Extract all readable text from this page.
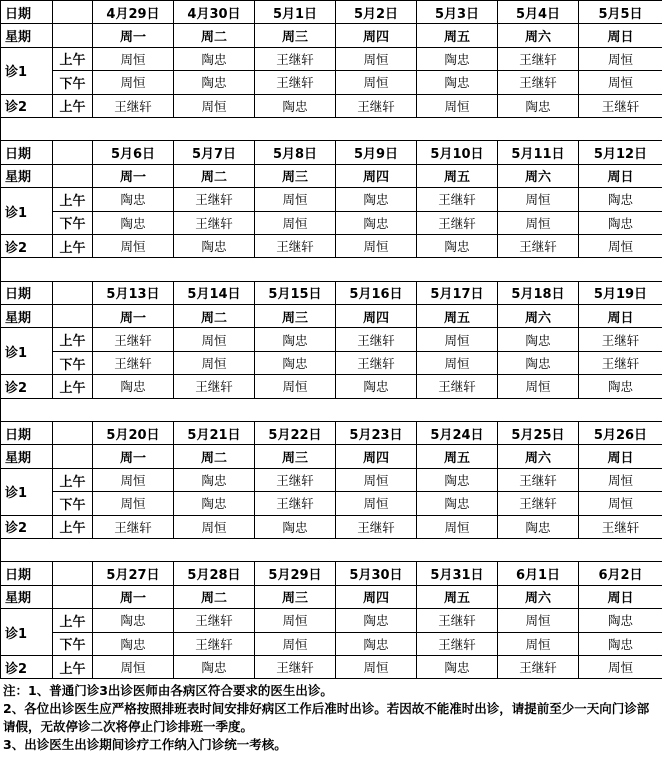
日期		4月29日	4月30日	5月1日	5月2日	5月3日	5月4日	5月5日
星期		周一	周二	周三	周四	周五	周六	周日
诊1	上午	周恒	陶忠	王继轩	周恒	陶忠	王继轩	周恒
	下午	周恒	陶忠	王继轩	周恒	陶忠	王继轩	周恒
诊2	上午	王继轩	周恒	陶忠	王继轩	周恒	陶忠	王继轩

日期		5月6日	5月7日	5月8日	5月9日	5月10日	5月11日	5月12日
星期		周一	周二	周三	周四	周五	周六	周日
诊1	上午	陶忠	王继轩	周恒	陶忠	王继轩	周恒	陶忠
	下午	陶忠	王继轩	周恒	陶忠	王继轩	周恒	陶忠
诊2	上午	周恒	陶忠	王继轩	周恒	陶忠	王继轩	周恒

日期		5月13日	5月14日	5月15日	5月16日	5月17日	5月18日	5月19日
星期		周一	周二	周三	周四	周五	周六	周日
诊1	上午	王继轩	周恒	陶忠	王继轩	周恒	陶忠	王继轩
	下午	王继轩	周恒	陶忠	王继轩	周恒	陶忠	王继轩
诊2	上午	陶忠	王继轩	周恒	陶忠	王继轩	周恒	陶忠

日期		5月20日	5月21日	5月22日	5月23日	5月24日	5月25日	5月26日
星期		周一	周二	周三	周四	周五	周六	周日
诊1	上午	周恒	陶忠	王继轩	周恒	陶忠	王继轩	周恒
	下午	周恒	陶忠	王继轩	周恒	陶忠	王继轩	周恒
诊2	上午	王继轩	周恒	陶忠	王继轩	周恒	陶忠	王继轩

日期		5月27日	5月28日	5月29日	5月30日	5月31日	6月1日	6月2日
星期		周一	周二	周三	周四	周五	周六	周日
诊1	上午	陶忠	王继轩	周恒	陶忠	王继轩	周恒	陶忠
	下午	陶忠	王继轩	周恒	陶忠	王继轩	周恒	陶忠
诊2	上午	周恒	陶忠	王继轩	周恒	陶忠	王继轩	周恒
注：1、普通门诊3出诊医师由各病区符合要求的医生出诊。
2、各位出诊医生应严格按照排班表时间安排好病区工作后准时出诊。若因故不能准时出诊，请提前至少一天向门诊部请假，无故停诊二次将停止门诊排班一季度。
3、出诊医生出诊期间诊疗工作纳入门诊统一考核。
